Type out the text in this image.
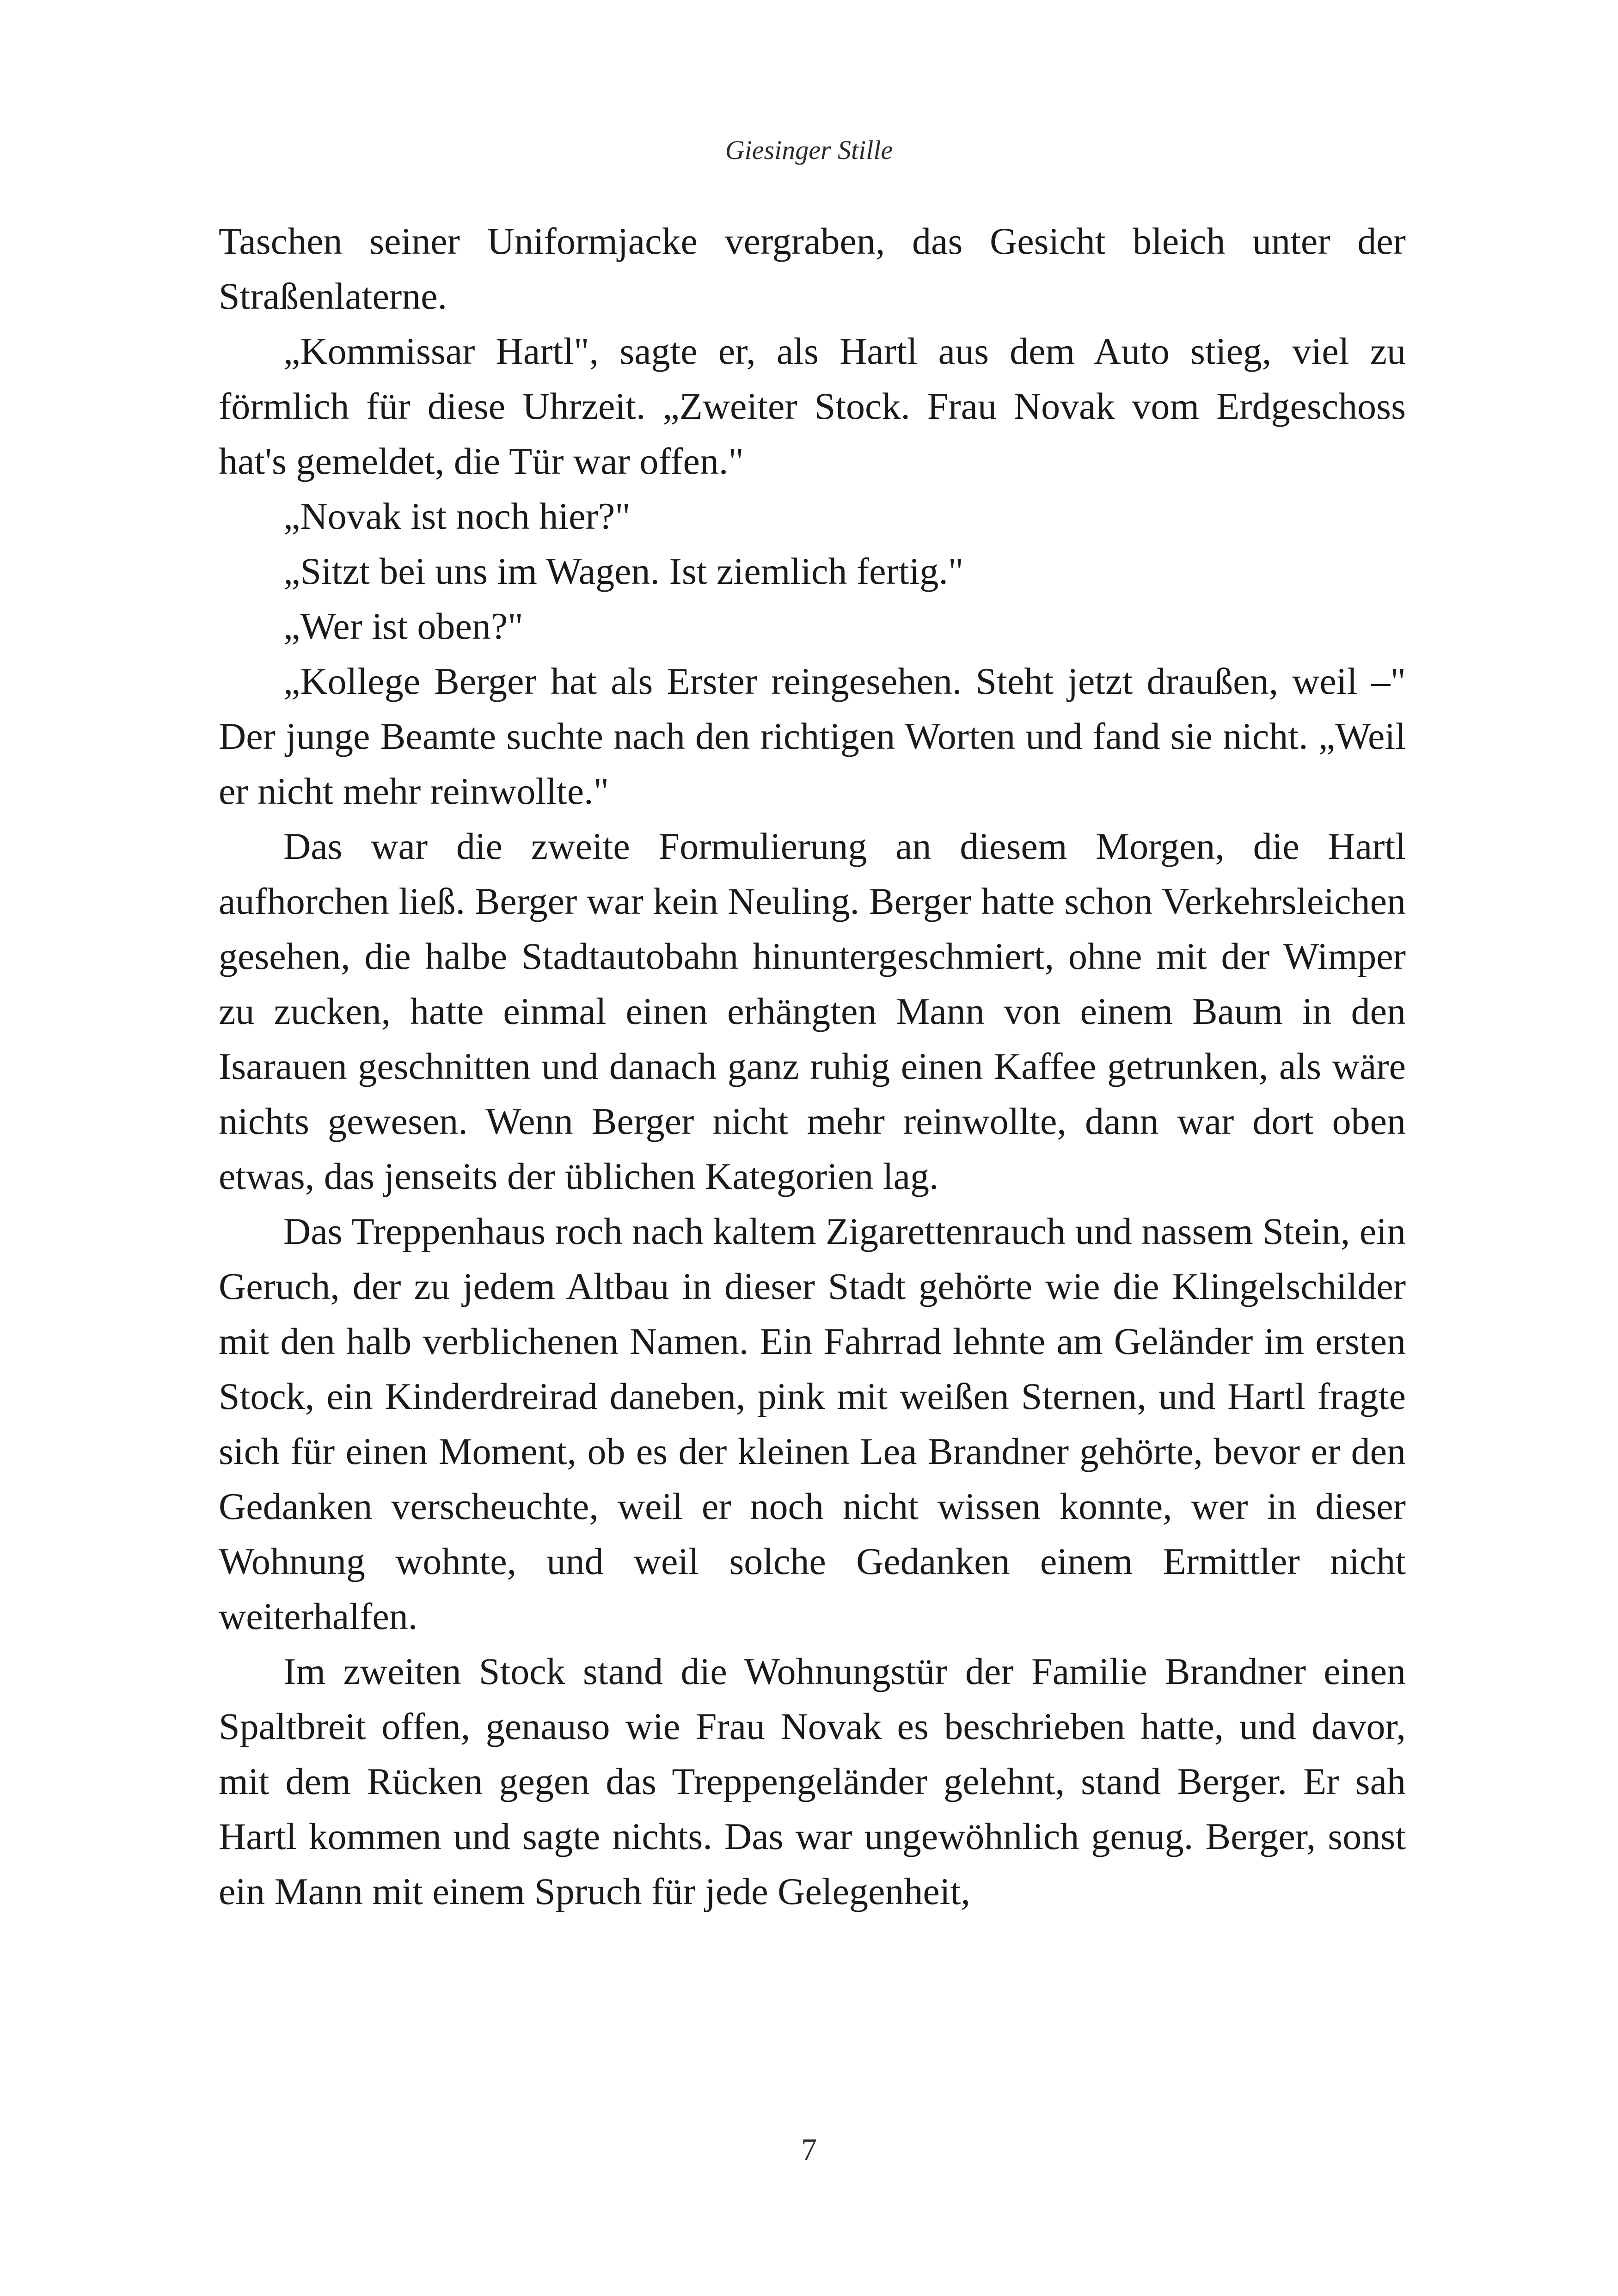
Giesinger Stille

Taschen seiner Uniformjacke vergraben, das Gesicht bleich unter der Straßenlaterne.

„Kommissar Hartl", sagte er, als Hartl aus dem Auto stieg, viel zu förmlich für diese Uhrzeit. „Zweiter Stock. Frau Novak vom Erdgeschoss hat's gemeldet, die Tür war offen."

„Novak ist noch hier?"

„Sitzt bei uns im Wagen. Ist ziemlich fertig."

„Wer ist oben?"

„Kollege Berger hat als Erster reingesehen. Steht jetzt draußen, weil –" Der junge Beamte suchte nach den richtigen Worten und fand sie nicht. „Weil er nicht mehr reinwollte."

Das war die zweite Formulierung an diesem Morgen, die Hartl aufhorchen ließ. Berger war kein Neuling. Berger hatte schon Verkehrsleichen gesehen, die halbe Stadtautobahn hinuntergeschmiert, ohne mit der Wimper zu zucken, hatte einmal einen erhängten Mann von einem Baum in den Isarauen geschnitten und danach ganz ruhig einen Kaffee getrunken, als wäre nichts gewesen. Wenn Berger nicht mehr reinwollte, dann war dort oben etwas, das jenseits der üblichen Kategorien lag.

Das Treppenhaus roch nach kaltem Zigarettenrauch und nassem Stein, ein Geruch, der zu jedem Altbau in dieser Stadt gehörte wie die Klingelschilder mit den halb verblichenen Namen. Ein Fahrrad lehnte am Geländer im ersten Stock, ein Kinderdreirad daneben, pink mit weißen Sternen, und Hartl fragte sich für einen Moment, ob es der kleinen Lea Brandner gehörte, bevor er den Gedanken verscheuchte, weil er noch nicht wissen konnte, wer in dieser Wohnung wohnte, und weil solche Gedanken einem Ermittler nicht weiterhalfen.

Im zweiten Stock stand die Wohnungstür der Familie Brandner einen Spaltbreit offen, genauso wie Frau Novak es beschrieben hatte, und davor, mit dem Rücken gegen das Treppengeländer gelehnt, stand Berger. Er sah Hartl kommen und sagte nichts. Das war ungewöhnlich genug. Berger, sonst ein Mann mit einem Spruch für jede Gelegenheit,

7
